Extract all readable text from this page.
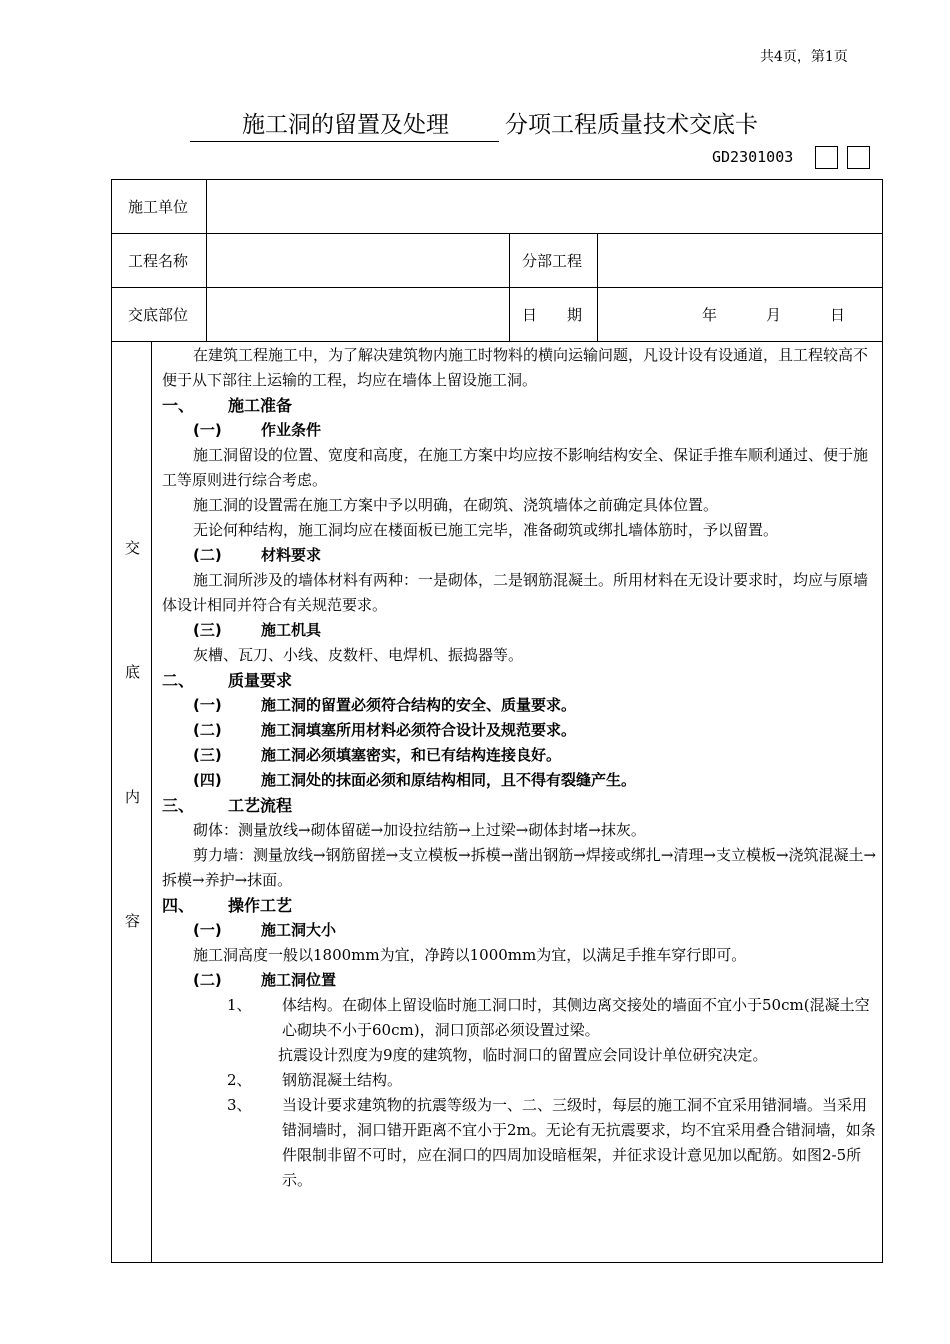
共4页，第1页
施工洞的留置及处理 分项工程质量技术交底卡
GD2301003
施工单位
工程名称	分部工程
交底部位	日　　期	年	月	日
交
底
内
容
在建筑工程施工中，为了解决建筑物内施工时物料的横向运输问题，凡设计设有设通道，且工程较高不便于从下部往上运输的工程，均应在墙体上留设施工洞。
一、 施工准备
(一)	作业条件
施工洞留设的位置、宽度和高度，在施工方案中均应按不影响结构安全、保证手推车顺利通过、便于施工等原则进行综合考虑。
施工洞的设置需在施工方案中予以明确，在砌筑、浇筑墙体之前确定具体位置。
无论何种结构，施工洞均应在楼面板已施工完毕，准备砌筑或绑扎墙体筋时，予以留置。
(二)	材料要求
施工洞所涉及的墙体材料有两种：一是砌体，二是钢筋混凝土。所用材料在无设计要求时，均应与原墙体设计相同并符合有关规范要求。
(三)	施工机具
灰槽、瓦刀、小线、皮数杆、电焊机、振捣器等。
二、 质量要求
(一)	施工洞的留置必须符合结构的安全、质量要求。
(二)	施工洞填塞所用材料必须符合设计及规范要求。
(三)	施工洞必须填塞密实，和已有结构连接良好。
(四)	施工洞处的抹面必须和原结构相同，且不得有裂缝产生。
三、 工艺流程
砌体：测量放线→砌体留磋→加设拉结筋→上过梁→砌体封堵→抹灰。
剪力墙：测量放线→钢筋留搓→支立模板→拆模→凿出钢筋→焊接或绑扎→清理→支立模板→浇筑混凝土→拆模→养护→抹面。
四、 操作工艺
(一)	施工洞大小
施工洞高度一般以1800mm为宜，净跨以1000mm为宜，以满足手推车穿行即可。
(二)	施工洞位置
1、 体结构。在砌体上留设临时施工洞口时，其侧边离交接处的墙面不宜小于50cm(混凝土空心砌块不小于60cm)，洞口顶部必须设置过梁。
抗震设计烈度为9度的建筑物，临时洞口的留置应会同设计单位研究决定。
2、 钢筋混凝土结构。
3、 当设计要求建筑物的抗震等级为一、二、三级时，每层的施工洞不宜采用错洞墙。当采用错洞墙时，洞口错开距离不宜小于2m。无论有无抗震要求，均不宜采用叠合错洞墙，如条件限制非留不可时，应在洞口的四周加设暗框架，并征求设计意见加以配筋。如图2-5所示。
